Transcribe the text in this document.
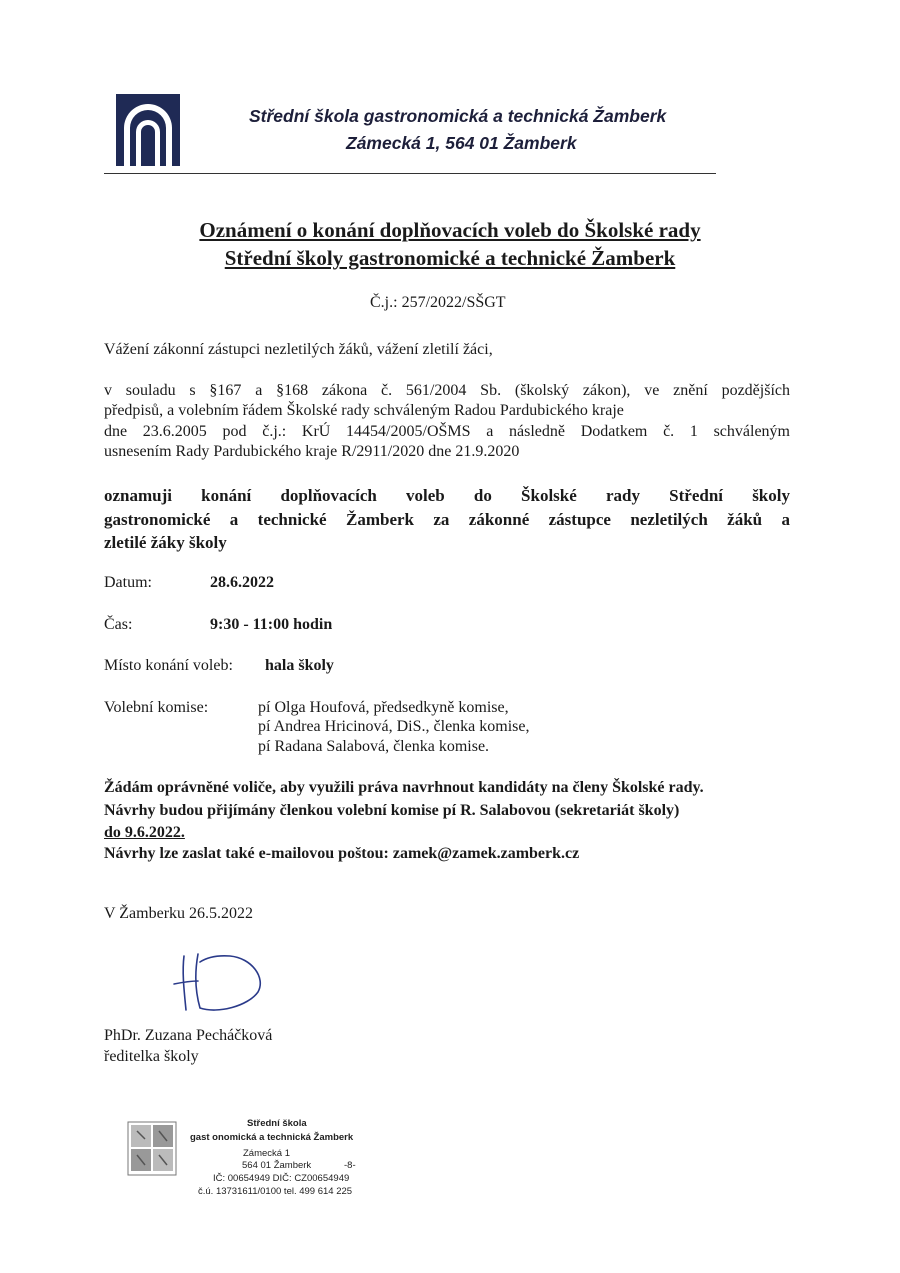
Střední škola gastronomická a technická Žamberk
Zámecká 1, 564 01 Žamberk
Oznámení o konání doplňovacích voleb do Školské rady
Střední školy gastronomické a technické Žamberk
Č.j.: 257/2022/SŠGT
Vážení zákonní zástupci nezletilých žáků, vážení zletilí žáci,
v souladu s §167 a §168 zákona č. 561/2004 Sb. (školský zákon), ve znění pozdějších
předpisů, a volebním řádem Školské rady schváleným Radou Pardubického kraje
dne 23.6.2005 pod č.j.: KrÚ 14454/2005/OŠMS a následně Dodatkem č. 1 schváleným
usnesením Rady Pardubického kraje R/2911/2020 dne 21.9.2020
oznamuji konání doplňovacích voleb do Školské rady Střední školy
gastronomické a technické Žamberk za zákonné zástupce nezletilých žáků a
zletilé žáky školy
Datum:	28.6.2022
Čas:	9:30 - 11:00 hodin
Místo konání voleb: hala školy
Volební komise:	pí Olga Houfová, předsedkyně komise,
pí Andrea Hricinová, DiS., členka komise,
pí Radana Salabová, členka komise.
Žádám oprávněné voliče, aby využili práva navrhnout kandidáty na členy Školské rady.
Návrhy budou přijímány členkou volební komise pí R. Salabovou (sekretariát školy)
do 9.6.2022.
Návrhy lze zaslat také e-mailovou poštou: zamek@zamek.zamberk.cz
V Žamberku 26.5.2022
PhDr. Zuzana Pecháčková
ředitelka školy
Střední škola
gast onomická a technická Žamberk
Zámecká 1
564 01 Žamberk	-8-
IČ: 00654949 DIČ: CZ00654949
č.ú. 13731611/0100 tel. 499 614 225
